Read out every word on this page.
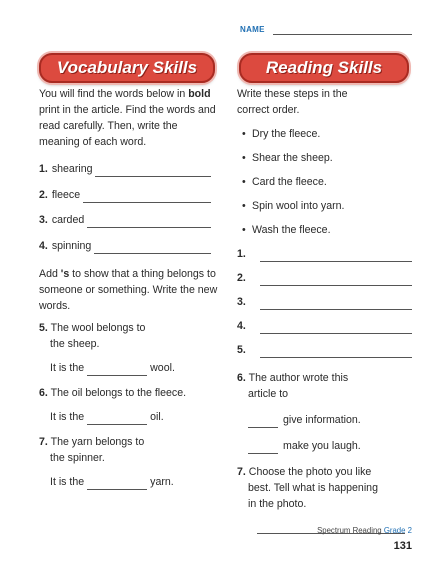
NAME
Vocabulary Skills	Reading Skills

You will find the words below in bold print in the article. Find the words and read carefully. Then, write the meaning of each word.

1. shearing
2. fleece
3. carded
4. spinning

Add 's to show that a thing belongs to someone or something. Write the new words.

5. The wool belongs to

the sheep.

It is the	wool.

6. The oil belongs to the fleece.

It is the	oil.

7. The yarn belongs to

the spinner.

It is the	yarn.

Write these steps in the correct order.

• Dry the fleece.
• Shear the sheep.
• Card the fleece.
• Spin wool into yarn.
• Wash the fleece.
1.
2.
3.
4.
5.

6. The author wrote this

article to

give information.
make you laugh.

7. Choose the photo you like

best. Tell what is happening

in the photo.

Spectrum Reading Grade 2
131
